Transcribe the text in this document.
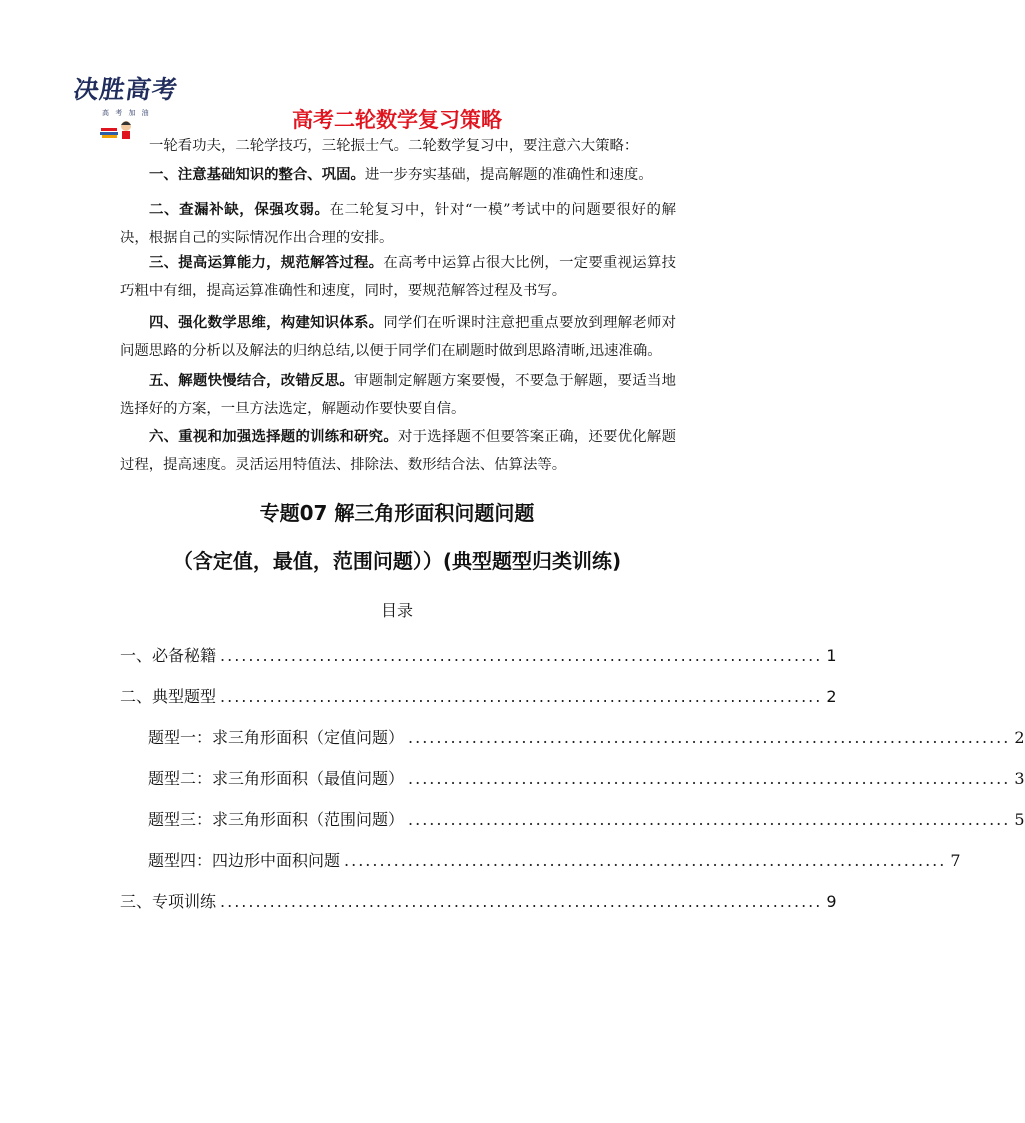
决胜高考
高 考 加 油	高考二轮数学复习策略

一轮看功夫，二轮学技巧，三轮振士气。二轮数学复习中，要注意六大策略：

一、注意基础知识的整合、巩固。进一步夯实基础，提高解题的准确性和速度。

二、查漏补缺，保强攻弱。在二轮复习中，针对“一模”考试中的问题要很好的解决，根据自己的实际情况作出合理的安排。

三、提高运算能力，规范解答过程。在高考中运算占很大比例，一定要重视运算技巧粗中有细，提高运算准确性和速度，同时，要规范解答过程及书写。

四、强化数学思维，构建知识体系。同学们在听课时注意把重点要放到理解老师对问题思路的分析以及解法的归纳总结,以便于同学们在刷题时做到思路清晰,迅速准确。

五、解题快慢结合，改错反思。审题制定解题方案要慢，不要急于解题，要适当地选择好的方案，一旦方法选定，解题动作要快要自信。

六、重视和加强选择题的训练和研究。对于选择题不但要答案正确，还要优化解题过程，提高速度。灵活运用特值法、排除法、数形结合法、估算法等。

专题07 解三角形面积问题问题
（含定值，最值，范围问题））(典型题型归类训练)
目录
一、必备秘籍 ..................................................................................... 1
二、典型题型 ..................................................................................... 2
题型一：求三角形面积（定值问题） ..................................................................................... 2
题型二：求三角形面积（最值问题） ..................................................................................... 3
题型三：求三角形面积（范围问题） ..................................................................................... 5
题型四：四边形中面积问题 ..................................................................................... 7
三、专项训练 ..................................................................................... 9
